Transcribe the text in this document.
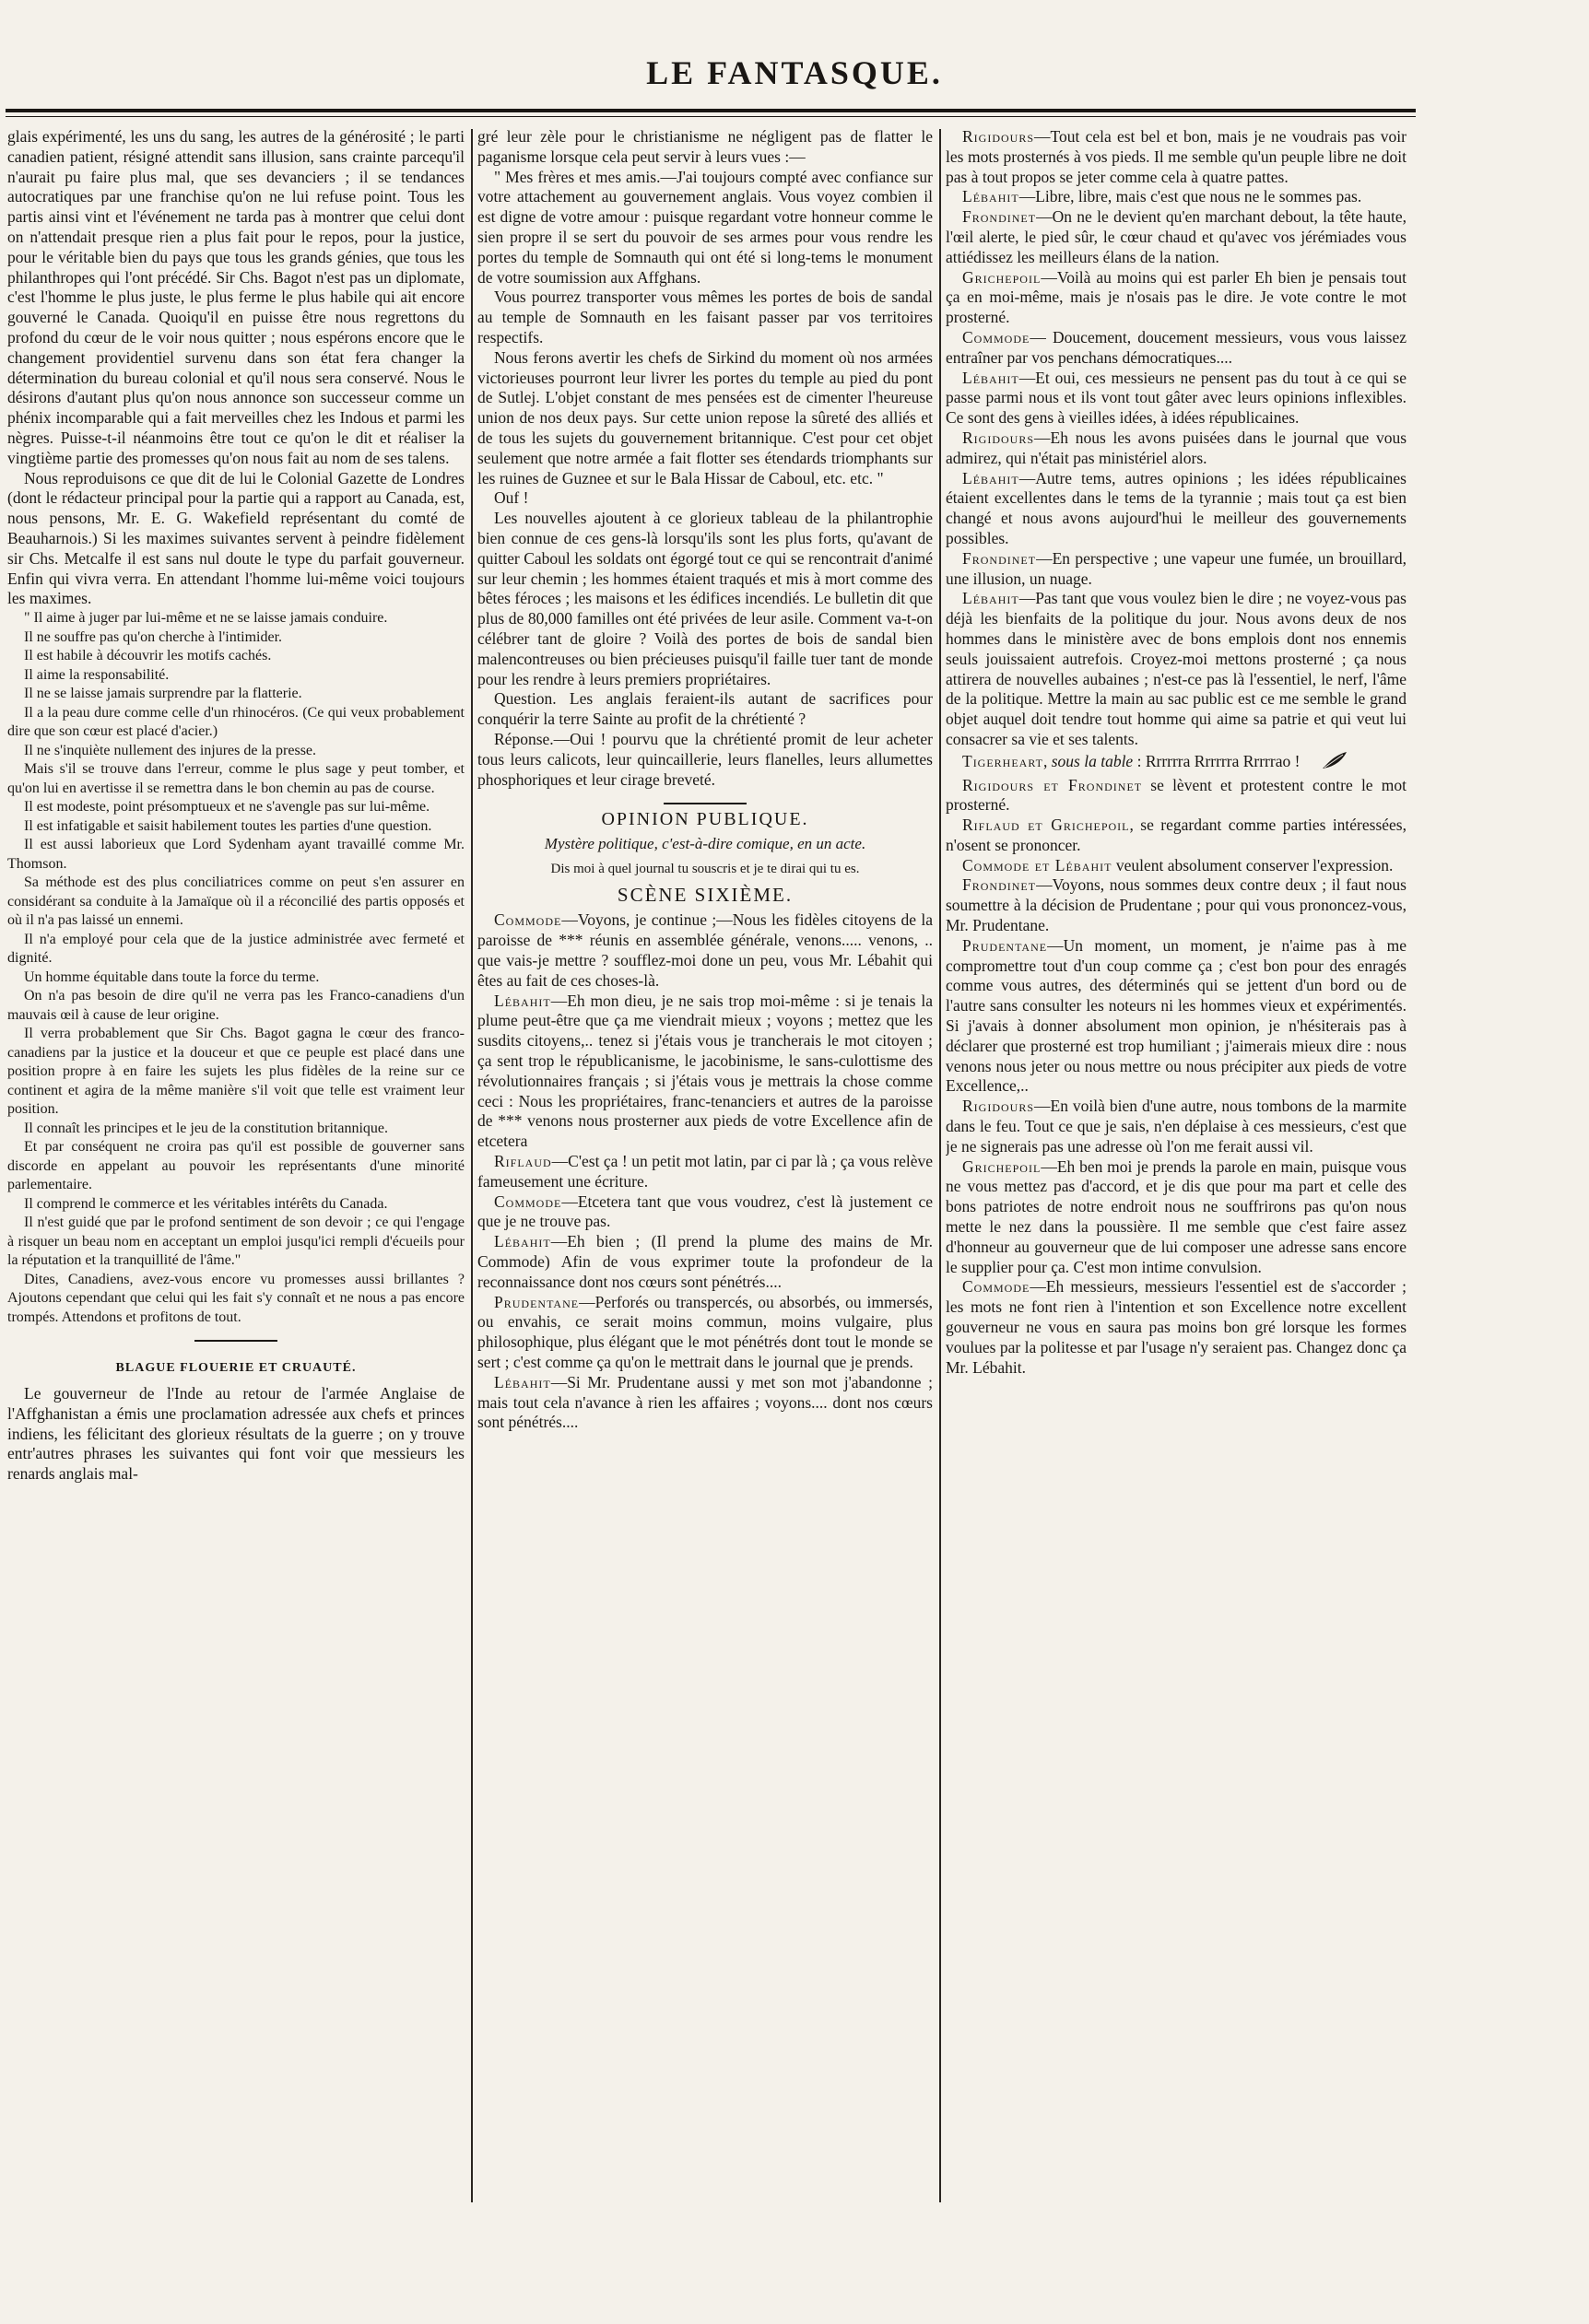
LE FANTASQUE.

glais expérimenté, les uns du sang, les autres de la générosité ; le parti canadien patient, résigné attendit sans illusion, sans crainte parcequ'il n'aurait pu faire plus mal, que ses devanciers ; il se tendances autocratiques par une franchise qu'on ne lui refuse point. Tous les partis ainsi vint et l'événement ne tarda pas à montrer que celui dont on n'attendait presque rien a plus fait pour le repos, pour la justice, pour le véritable bien du pays que tous les grands génies, que tous les philanthropes qui l'ont précédé. Sir Chs. Bagot n'est pas un diplomate, c'est l'homme le plus juste, le plus ferme le plus habile qui ait encore gouverné le Canada. Quoiqu'il en puisse être nous regrettons du profond du cœur de le voir nous quitter ; nous espérons encore que le changement providentiel survenu dans son état fera changer la détermination du bureau colonial et qu'il nous sera conservé. Nous le désirons d'autant plus qu'on nous annonce son successeur comme un phénix incomparable qui a fait merveilles chez les Indous et parmi les nègres. Puisse-t-il néanmoins être tout ce qu'on le dit et réaliser la vingtième partie des promesses qu'on nous fait au nom de ses talens.

Nous reproduisons ce que dit de lui le Colonial Gazette de Londres (dont le rédacteur principal pour la partie qui a rapport au Canada, est, nous pensons, Mr. E. G. Wakefield représentant du comté de Beauharnois.) Si les maximes suivantes servent à peindre fidèlement sir Chs. Metcalfe il est sans nul doute le type du parfait gouverneur. Enfin qui vivra verra. En attendant l'homme lui-même voici toujours les maximes.

" Il aime à juger par lui-même et ne se laisse jamais conduire.

Il ne souffre pas qu'on cherche à l'intimider.

Il est habile à découvrir les motifs cachés.

Il aime la responsabilité.

Il ne se laisse jamais surprendre par la flatterie.

Il a la peau dure comme celle d'un rhinocéros. (Ce qui veux probablement dire que son cœur est placé d'acier.)

Il ne s'inquiète nullement des injures de la presse.

Mais s'il se trouve dans l'erreur, comme le plus sage y peut tomber, et qu'on lui en avertisse il se remettra dans le bon chemin au pas de course.

Il est modeste, point présomptueux et ne s'avengle pas sur lui-même.

Il est infatigable et saisit habilement toutes les parties d'une question.

Il est aussi laborieux que Lord Sydenham ayant travaillé comme Mr. Thomson.

Sa méthode est des plus conciliatrices comme on peut s'en assurer en considérant sa conduite à la Jamaïque où il a réconcilié des partis opposés et où il n'a pas laissé un ennemi.

Il n'a employé pour cela que de la justice administrée avec fermeté et dignité.

Un homme équitable dans toute la force du terme.

On n'a pas besoin de dire qu'il ne verra pas les Franco-canadiens d'un mauvais œil à cause de leur origine.

Il verra probablement que Sir Chs. Bagot gagna le cœur des franco-canadiens par la justice et la douceur et que ce peuple est placé dans une position propre à en faire les sujets les plus fidèles de la reine sur ce continent et agira de la même manière s'il voit que telle est vraiment leur position.

Il connaît les principes et le jeu de la constitution britannique.

Et par conséquent ne croira pas qu'il est possible de gouverner sans discorde en appelant au pouvoir les représentants d'une minorité parlementaire.

Il comprend le commerce et les véritables intérêts du Canada.

Il n'est guidé que par le profond sentiment de son devoir ; ce qui l'engage à risquer un beau nom en acceptant un emploi jusqu'ici rempli d'écueils pour la réputation et la tranquillité de l'âme."

Dites, Canadiens, avez-vous encore vu promesses aussi brillantes ? Ajoutons cependant que celui qui les fait s'y connaît et ne nous a pas encore trompés. Attendons et profitons de tout.

BLAGUE FLOUERIE ET CRUAUTÉ.

Le gouverneur de l'Inde au retour de l'armée Anglaise de l'Affghanistan a émis une proclamation adressée aux chefs et princes indiens, les félicitant des glorieux résultats de la guerre ; on y trouve entr'autres phrases les suivantes qui font voir que messieurs les renards anglais mal-

gré leur zèle pour le christianisme ne négligent pas de flatter le paganisme lorsque cela peut servir à leurs vues :—

" Mes frères et mes amis.—J'ai toujours compté avec confiance sur votre attachement au gouvernement anglais. Vous voyez combien il est digne de votre amour : puisque regardant votre honneur comme le sien propre il se sert du pouvoir de ses armes pour vous rendre les portes du temple de Somnauth qui ont été si long-tems le monument de votre soumission aux Affghans.

Vous pourrez transporter vous mêmes les portes de bois de sandal au temple de Somnauth en les faisant passer par vos territoires respectifs.

Nous ferons avertir les chefs de Sirkind du moment où nos armées victorieuses pourront leur livrer les portes du temple au pied du pont de Sutlej. L'objet constant de mes pensées est de cimenter l'heureuse union de nos deux pays. Sur cette union repose la sûreté des alliés et de tous les sujets du gouvernement britannique. C'est pour cet objet seulement que notre armée a fait flotter ses étendards triomphants sur les ruines de Guznee et sur le Bala Hissar de Caboul, etc. etc. "

Ouf !

Les nouvelles ajoutent à ce glorieux tableau de la philantrophie bien connue de ces gens-là lorsqu'ils sont les plus forts, qu'avant de quitter Caboul les soldats ont égorgé tout ce qui se rencontrait d'animé sur leur chemin ; les hommes étaient traqués et mis à mort comme des bêtes féroces ; les maisons et les édifices incendiés. Le bulletin dit que plus de 80,000 familles ont été privées de leur asile. Comment va-t-on célébrer tant de gloire ? Voilà des portes de bois de sandal bien malencontreuses ou bien précieuses puisqu'il faille tuer tant de monde pour les rendre à leurs premiers propriétaires.

Question. Les anglais feraient-ils autant de sacrifices pour conquérir la terre Sainte au profit de la chrétienté ?

Réponse.—Oui ! pourvu que la chrétienté promit de leur acheter tous leurs calicots, leur quincaillerie, leurs flanelles, leurs allumettes phosphoriques et leur cirage breveté.

OPINION PUBLIQUE.
Mystère politique, c'est-à-dire comique, en un acte.
Dis moi à quel journal tu souscris et je te dirai qui tu es.
SCÈNE SIXIÈME.

Commode—Voyons, je continue ;—Nous les fidèles citoyens de la paroisse de *** réunis en assemblée générale, venons..... venons, .. que vais-je mettre ? soufflez-moi done un peu, vous Mr. Lébahit qui êtes au fait de ces choses-là.

Lébahit—Eh mon dieu, je ne sais trop moi-même : si je tenais la plume peut-être que ça me viendrait mieux ; voyons ; mettez que les susdits citoyens,.. tenez si j'étais vous je trancherais le mot citoyen ; ça sent trop le républicanisme, le jacobinisme, le sans-culottisme des révolutionnaires français ; si j'étais vous je mettrais la chose comme ceci : Nous les propriétaires, franc-tenanciers et autres de la paroisse de *** venons nous prosterner aux pieds de votre Excellence afin de etcetera

Riflaud—C'est ça ! un petit mot latin, par ci par là ; ça vous relève fameusement une écriture.

Commode—Etcetera tant que vous voudrez, c'est là justement ce que je ne trouve pas.

Lébahit—Eh bien ; (Il prend la plume des mains de Mr. Commode) Afin de vous exprimer toute la profondeur de la reconnaissance dont nos cœurs sont pénétrés....

Prudentane—Perforés ou transpercés, ou absorbés, ou immersés, ou envahis, ce serait moins commun, moins vulgaire, plus philosophique, plus élégant que le mot pénétrés dont tout le monde se sert ; c'est comme ça qu'on le mettrait dans le journal que je prends.

Lébahit—Si Mr. Prudentane aussi y met son mot j'abandonne ; mais tout cela n'avance à rien les affaires ; voyons.... dont nos cœurs sont pénétrés....

Rigidours—Tout cela est bel et bon, mais je ne voudrais pas voir les mots prosternés à vos pieds. Il me semble qu'un peuple libre ne doit pas à tout propos se jeter comme cela à quatre pattes.

Lébahit—Libre, libre, mais c'est que nous ne le sommes pas.

Frondinet—On ne le devient qu'en marchant debout, la tête haute, l'œil alerte, le pied sûr, le cœur chaud et qu'avec vos jérémiades vous attiédissez les meilleurs élans de la nation.

Grichepoil—Voilà au moins qui est parler Eh bien je pensais tout ça en moi-même, mais je n'osais pas le dire. Je vote contre le mot prosterné.

Commode— Doucement, doucement messieurs, vous vous laissez entraîner par vos penchans démocratiques....

Lébahit—Et oui, ces messieurs ne pensent pas du tout à ce qui se passe parmi nous et ils vont tout gâter avec leurs opinions inflexibles. Ce sont des gens à vieilles idées, à idées républicaines.

Rigidours—Eh nous les avons puisées dans le journal que vous admirez, qui n'était pas ministériel alors.

Lébahit—Autre tems, autres opinions ; les idées républicaines étaient excellentes dans le tems de la tyrannie ; mais tout ça est bien changé et nous avons aujourd'hui le meilleur des gouvernements possibles.

Frondinet—En perspective ; une vapeur une fumée, un brouillard, une illusion, un nuage.

Lébahit—Pas tant que vous voulez bien le dire ; ne voyez-vous pas déjà les bienfaits de la politique du jour. Nous avons deux de nos hommes dans le ministère avec de bons emplois dont nos ennemis seuls jouissaient autrefois. Croyez-moi mettons prosterné ; ça nous attirera de nouvelles aubaines ; n'est-ce pas là l'essentiel, le nerf, l'âme de la politique. Mettre la main au sac public est ce me semble le grand objet auquel doit tendre tout homme qui aime sa patrie et qui veut lui consacrer sa vie et ses talents.

Tigerheart, sous la table : Rrrrrra Rrrrrra Rrrrrao !

Rigidours et Frondinet se lèvent et protestent contre le mot prosterné.

Riflaud et Grichepoil, se regardant comme parties intéressées, n'osent se prononcer.

Commode et Lébahit veulent absolument conserver l'expression.

Frondinet—Voyons, nous sommes deux contre deux ; il faut nous soumettre à la décision de Prudentane ; pour qui vous prononcez-vous, Mr. Prudentane.

Prudentane—Un moment, un moment, je n'aime pas à me compromettre tout d'un coup comme ça ; c'est bon pour des enragés comme vous autres, des déterminés qui se jettent d'un bord ou de l'autre sans consulter les noteurs ni les hommes vieux et expérimentés. Si j'avais à donner absolument mon opinion, je n'hésiterais pas à déclarer que prosterné est trop humiliant ; j'aimerais mieux dire : nous venons nous jeter ou nous mettre ou nous précipiter aux pieds de votre Excellence,..

Rigidours—En voilà bien d'une autre, nous tombons de la marmite dans le feu. Tout ce que je sais, n'en déplaise à ces messieurs, c'est que je ne signerais pas une adresse où l'on me ferait aussi vil.

Grichepoil—Eh ben moi je prends la parole en main, puisque vous ne vous mettez pas d'accord, et je dis que pour ma part et celle des bons patriotes de notre endroit nous ne souffrirons pas qu'on nous mette le nez dans la poussière. Il me semble que c'est faire assez d'honneur au gouverneur que de lui composer une adresse sans encore le supplier pour ça. C'est mon intime convulsion.

Commode—Eh messieurs, messieurs l'essentiel est de s'accorder ; les mots ne font rien à l'intention et son Excellence notre excellent gouverneur ne vous en saura pas moins bon gré lorsque les formes voulues par la politesse et par l'usage n'y seraient pas. Changez donc ça Mr. Lébahit.
